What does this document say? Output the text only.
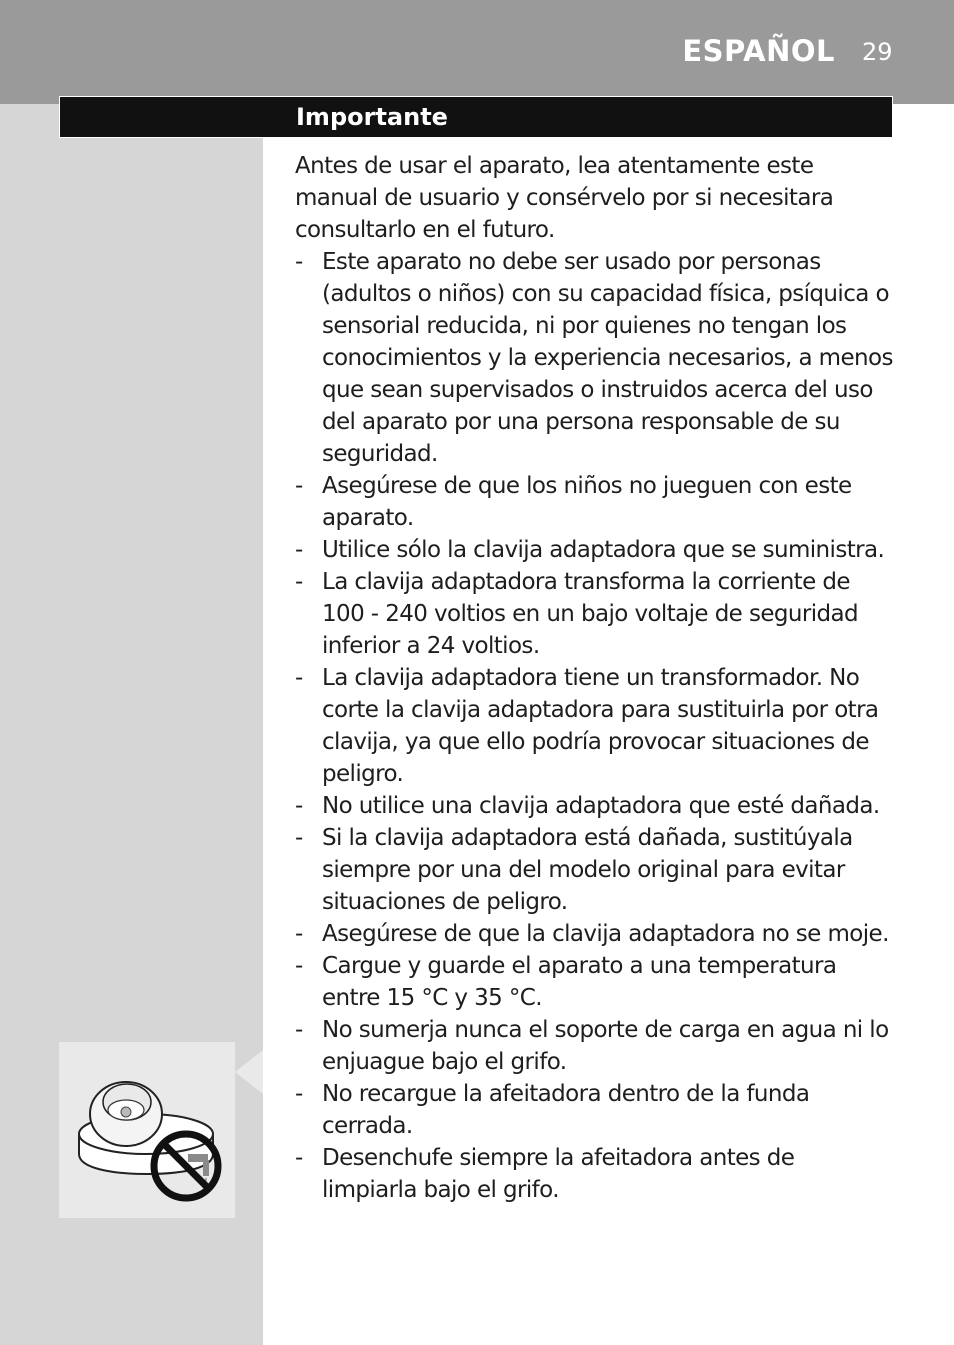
ESPAÑOL 29
Importante

Antes de usar el aparato, lea atentamente este manual de usuario y consérvelo por si necesitara consultarlo en el futuro.

- Este aparato no debe ser usado por personas (adultos o niños) con su capacidad física, psíquica o sensorial reducida, ni por quienes no tengan los conocimientos y la experiencia necesarios, a menos que sean supervisados o instruidos acerca del uso del aparato por una persona responsable de su seguridad.
- Asegúrese de que los niños no jueguen con este aparato.
- Utilice sólo la clavija adaptadora que se suministra.
- La clavija adaptadora transforma la corriente de 100 - 240 voltios en un bajo voltaje de seguridad inferior a 24 voltios.
- La clavija adaptadora tiene un transformador. No corte la clavija adaptadora para sustituirla por otra clavija, ya que ello podría provocar situaciones de peligro.
- No utilice una clavija adaptadora que esté dañada.
- Si la clavija adaptadora está dañada, sustitúyala siempre por una del modelo original para evitar situaciones de peligro.
- Asegúrese de que la clavija adaptadora no se moje.
- Cargue y guarde el aparato a una temperatura entre 15 °C y 35 °C.
- No sumerja nunca el soporte de carga en agua ni lo enjuague bajo el grifo.
- No recargue la afeitadora dentro de la funda cerrada.
- Desenchufe siempre la afeitadora antes de limpiarla bajo el grifo.
